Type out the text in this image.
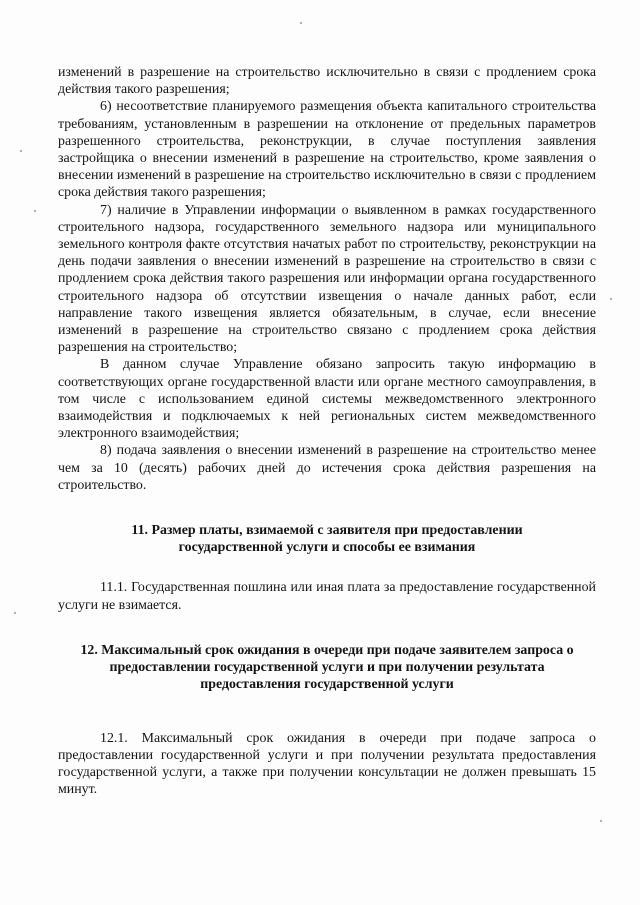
изменений в разрешение на строительство исключительно в связи с продлением срока действия такого разрешения;

6) несоответствие планируемого размещения объекта капитального строительства требованиям, установленным в разрешении на отклонение от предельных параметров разрешенного строительства, реконструкции, в случае поступления заявления застройщика о внесении изменений в разрешение на строительство, кроме заявления о внесении изменений в разрешение на строительство исключительно в связи с продлением срока действия такого разрешения;

7) наличие в Управлении информации о выявленном в рамках государственного строительного надзора, государственного земельного надзора или муниципального земельного контроля факте отсутствия начатых работ по строительству, реконструкции на день подачи заявления о внесении изменений в разрешение на строительство в связи с продлением срока действия такого разрешения или информации органа государственного строительного надзора об отсутствии извещения о начале данных работ, если направление такого извещения является обязательным, в случае, если внесение изменений в разрешение на строительство связано с продлением срока действия разрешения на строительство;

В данном случае Управление обязано запросить такую информацию в соответствующих органе государственной власти или органе местного самоуправления, в том числе с использованием единой системы межведомственного электронного взаимодействия и подключаемых к ней региональных систем межведомственного электронного взаимодействия;

8) подача заявления о внесении изменений в разрешение на строительство менее чем за 10 (десять) рабочих дней до истечения срока действия разрешения на строительство.

11. Размер платы, взимаемой с заявителя при предоставлении государственной услуги и способы ее взимания

11.1. Государственная пошлина или иная плата за предоставление государственной услуги не взимается.

12. Максимальный срок ожидания в очереди при подаче заявителем запроса о предоставлении государственной услуги и при получении результата предоставления государственной услуги

12.1. Максимальный срок ожидания в очереди при подаче запроса о предоставлении государственной услуги и при получении результата предоставления государственной услуги, а также при получении консультации не должен превышать 15 минут.
